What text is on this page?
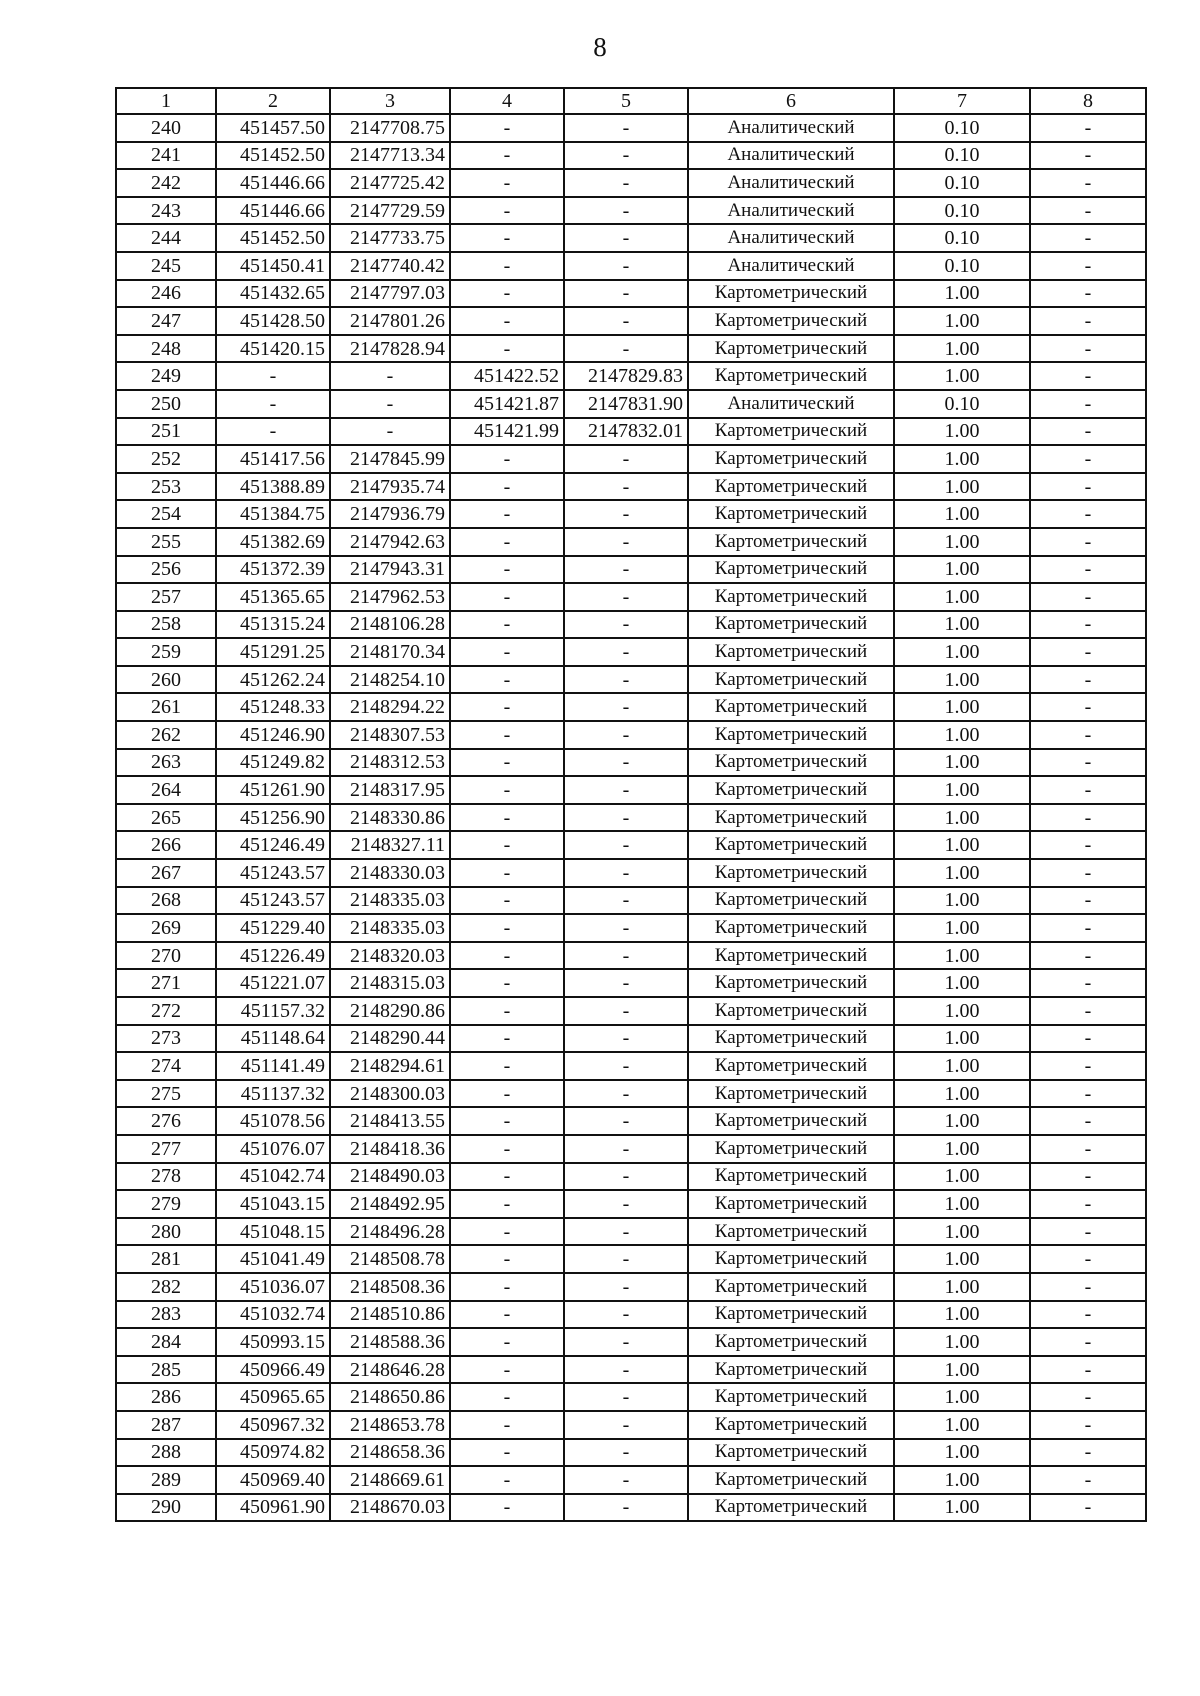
8
1	2	3	4	5	6	7	8
240	451457.50	2147708.75	-	-	Аналитический	0.10	-
241	451452.50	2147713.34	-	-	Аналитический	0.10	-
242	451446.66	2147725.42	-	-	Аналитический	0.10	-
243	451446.66	2147729.59	-	-	Аналитический	0.10	-
244	451452.50	2147733.75	-	-	Аналитический	0.10	-
245	451450.41	2147740.42	-	-	Аналитический	0.10	-
246	451432.65	2147797.03	-	-	Картометрический	1.00	-
247	451428.50	2147801.26	-	-	Картометрический	1.00	-
248	451420.15	2147828.94	-	-	Картометрический	1.00	-
249	-	-	451422.52	2147829.83	Картометрический	1.00	-
250	-	-	451421.87	2147831.90	Аналитический	0.10	-
251	-	-	451421.99	2147832.01	Картометрический	1.00	-
252	451417.56	2147845.99	-	-	Картометрический	1.00	-
253	451388.89	2147935.74	-	-	Картометрический	1.00	-
254	451384.75	2147936.79	-	-	Картометрический	1.00	-
255	451382.69	2147942.63	-	-	Картометрический	1.00	-
256	451372.39	2147943.31	-	-	Картометрический	1.00	-
257	451365.65	2147962.53	-	-	Картометрический	1.00	-
258	451315.24	2148106.28	-	-	Картометрический	1.00	-
259	451291.25	2148170.34	-	-	Картометрический	1.00	-
260	451262.24	2148254.10	-	-	Картометрический	1.00	-
261	451248.33	2148294.22	-	-	Картометрический	1.00	-
262	451246.90	2148307.53	-	-	Картометрический	1.00	-
263	451249.82	2148312.53	-	-	Картометрический	1.00	-
264	451261.90	2148317.95	-	-	Картометрический	1.00	-
265	451256.90	2148330.86	-	-	Картометрический	1.00	-
266	451246.49	2148327.11	-	-	Картометрический	1.00	-
267	451243.57	2148330.03	-	-	Картометрический	1.00	-
268	451243.57	2148335.03	-	-	Картометрический	1.00	-
269	451229.40	2148335.03	-	-	Картометрический	1.00	-
270	451226.49	2148320.03	-	-	Картометрический	1.00	-
271	451221.07	2148315.03	-	-	Картометрический	1.00	-
272	451157.32	2148290.86	-	-	Картометрический	1.00	-
273	451148.64	2148290.44	-	-	Картометрический	1.00	-
274	451141.49	2148294.61	-	-	Картометрический	1.00	-
275	451137.32	2148300.03	-	-	Картометрический	1.00	-
276	451078.56	2148413.55	-	-	Картометрический	1.00	-
277	451076.07	2148418.36	-	-	Картометрический	1.00	-
278	451042.74	2148490.03	-	-	Картометрический	1.00	-
279	451043.15	2148492.95	-	-	Картометрический	1.00	-
280	451048.15	2148496.28	-	-	Картометрический	1.00	-
281	451041.49	2148508.78	-	-	Картометрический	1.00	-
282	451036.07	2148508.36	-	-	Картометрический	1.00	-
283	451032.74	2148510.86	-	-	Картометрический	1.00	-
284	450993.15	2148588.36	-	-	Картометрический	1.00	-
285	450966.49	2148646.28	-	-	Картометрический	1.00	-
286	450965.65	2148650.86	-	-	Картометрический	1.00	-
287	450967.32	2148653.78	-	-	Картометрический	1.00	-
288	450974.82	2148658.36	-	-	Картометрический	1.00	-
289	450969.40	2148669.61	-	-	Картометрический	1.00	-
290	450961.90	2148670.03	-	-	Картометрический	1.00	-
